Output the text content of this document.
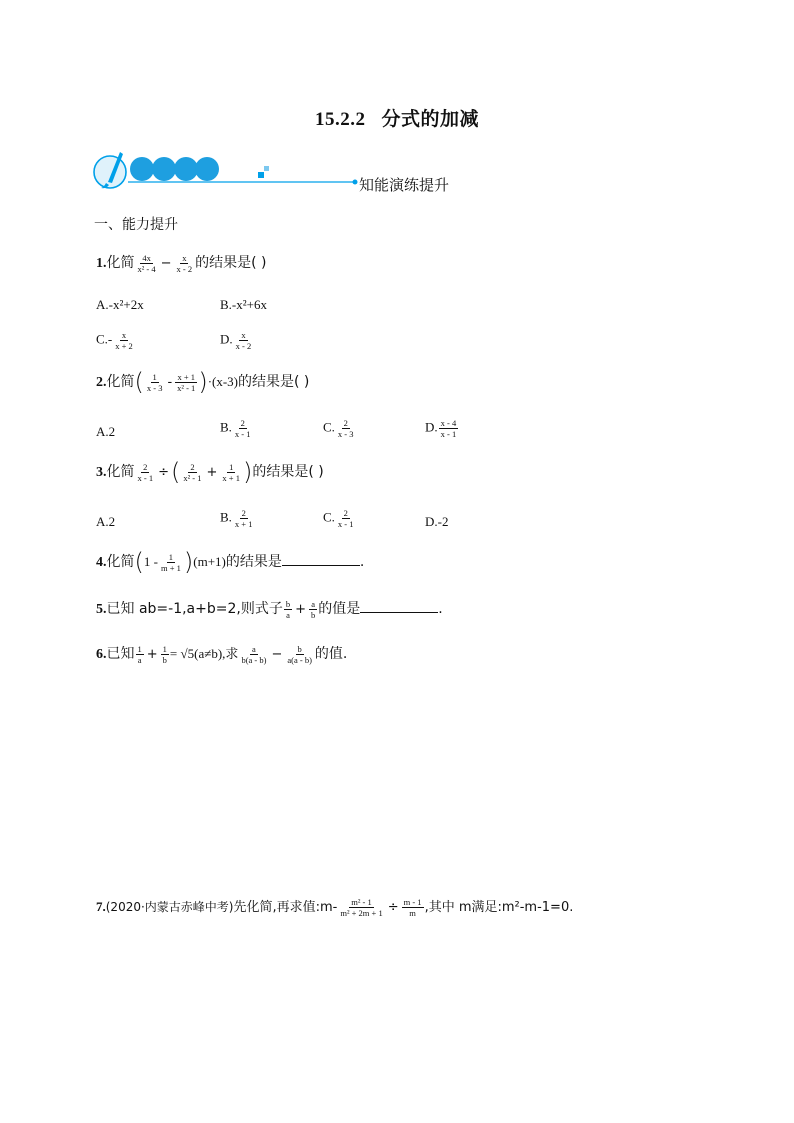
15.2.2 分式的加减
知能演练提升
一、能力提升
1.化简 $\frac{4x}{\text{x² - 4}} - \frac{x}{x - 2}$ 的结果是( )
A.-x²+2x	B.-x²+6x
$C.- \frac{x}{x + 2}$	D. $\frac{x}{x - 2}$
2.化简( $\frac{1}{x - 3} - \frac{x + 1}{\text{x² - 1}} )\cdot(x-3)$的结果是( )
A.2	B. $\frac{2}{x - 1}$	C. $\frac{2}{x - 3}$	D. $\frac{x - 4}{x - 1}$
3.化简 $\frac{2}{x - 1}$ ÷( $\frac{2}{\text{x² - 1}} + \frac{1}{x + 1}$ )的结果是( )
A.2	B. $\frac{2}{x + 1}$	C. $\frac{2}{x - 1}$	D.-2
4.化简$(1 - \frac{1}{m + 1} )(m+1)$的结果是	.
5.已知 ab=-1,a+b=2,则式子 $\frac{b}{a} + \frac{a}{b}$ 的值是	.
6.已知 $\frac{1}{a} + \frac{1}{b} = √5(a\ne b)$,求 $\frac{a}{b(a - b)} - \frac{b}{a(a - b)}$ 的值.
7.(2020·内蒙古赤峰中考)先化简,再求值:m- $\frac{\text{m² - 1}}{\text{m² + 2m + 1}} \div \frac{m - 1}{m}$ ,其中 m满足:m²-m-1=0.
